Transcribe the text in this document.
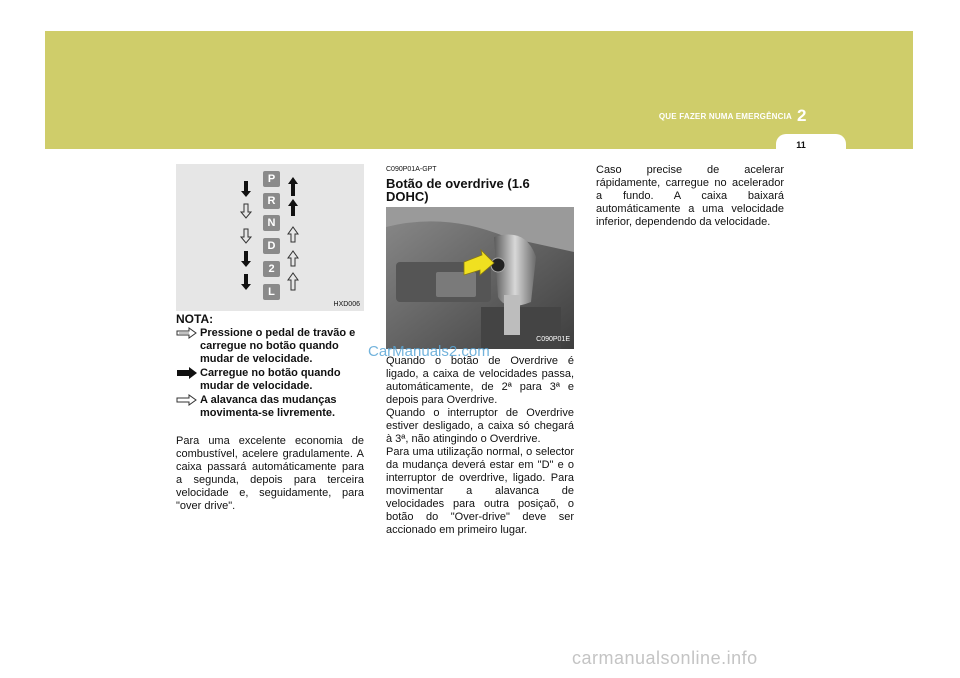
QUE FAZER NUMA EMERGÊNCIA 2
11
P
R
N
D
2
L
HXD006
NOTA:
Pressione o pedal de travão e carregue no botão quando mudar de velocidade.
Carregue no botão quando mudar de velocidade.
A alavanca das mudanças movimenta-se livremente.
Para uma excelente economia de combustível, acelere gradulamente. A caixa passará automáticamente para a segunda, depois para terceira velocidade e, seguidamente, para "over drive".
C090P01A-GPT
Botão de overdrive (1.6 DOHC)
C090P01E

Quando o botão de Overdrive é ligado, a caixa de velocidades passa, automáticamente, de 2ª para 3ª e depois para Overdrive.

Quando o interruptor de Overdrive estiver desligado, a caixa só chegará à 3ª, não atingindo o Overdrive.

Para uma utilização normal, o selector da mudança deverá estar em "D" e o interruptor de overdrive, ligado. Para movimentar a alavanca de velocidades para outra posiçaõ, o botão do "Over-drive" deve ser accionado em primeiro lugar.

Caso precise de acelerar rápidamente, carregue no acelerador a fundo. A caixa baixará automáticamente a uma velocidade inferior, dependendo da velocidade.
CarManuals2.com
carmanualsonline.info
